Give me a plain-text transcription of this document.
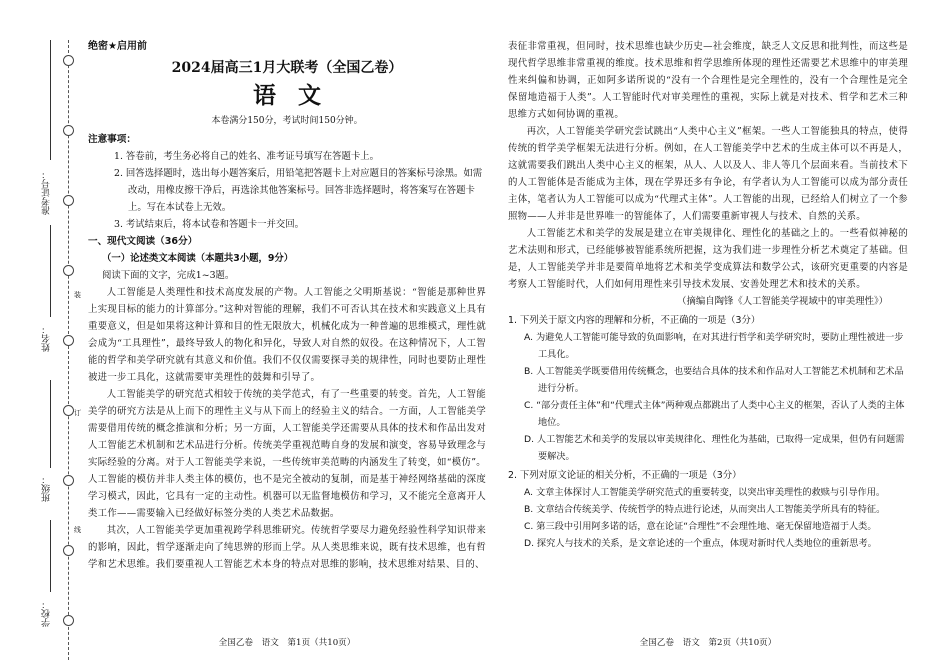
准考证号：
姓名：
班级：
学校：
装
订
线
绝密★启用前
2024届高三1月大联考（全国乙卷）
语文
本卷满分150分，考试时间150分钟。
注意事项：
1. 答卷前，考生务必将自己的姓名、准考证号填写在答题卡上。
2. 回答选择题时，选出每小题答案后，用铅笔把答题卡上对应题目的答案标号涂黑。如需改动，用橡皮擦干净后，再选涂其他答案标号。回答非选择题时，将答案写在答题卡上。写在本试卷上无效。
3. 考试结束后，将本试卷和答题卡一并交回。
一、现代文阅读（36分）
（一）论述类文本阅读（本题共3小题，9分）
阅读下面的文字，完成1~3题。
人工智能是人类理性和技术高度发展的产物。人工智能之父明斯基说：“智能是那种世界上实现目标的能力的计算部分。”这种对智能的理解，我们不可否认其在技术和实践意义上具有重要意义，但是如果将这种计算和目的性无限放大，机械化成为一种普遍的思维模式，理性就会成为“工具理性”，最终导致人的物化和异化，导致人对自然的奴役。在这种情况下，人工智能的哲学和美学研究就有其意义和价值。我们不仅仅需要探寻美的规律性，同时也要防止理性被进一步工具化，这就需要审美理性的鼓舞和引导了。
人工智能美学的研究范式相较于传统的美学范式，有了一些重要的转变。首先，人工智能美学的研究方法是从上而下的理性主义与从下而上的经验主义的结合。一方面，人工智能美学需要借用传统的概念推演和分析；另一方面，人工智能美学还需要从具体的技术和作品出发对人工智能艺术机制和艺术品进行分析。传统美学重视范畴自身的发展和演变，容易导致理念与实际经验的分离。对于人工智能美学来说，一些传统审美范畴的内涵发生了转变，如“模仿”。人工智能的模仿并非人类主体的模仿，也不是完全被动的复制，而是基于神经网络基础的深度学习模式，因此，它具有一定的主动性。机器可以无监督地模仿和学习，又不能完全意离开人类工作——需要输入已经做好标签分类的人类艺术品数据。
其次，人工智能美学更加重视跨学科思维研究。传统哲学要尽力避免经验性科学知识带来的影响，因此，哲学逐渐走向了纯思辨的形而上学。从人类思维来说，既有技术思维，也有哲学和艺术思维。我们要重视人工智能艺术本身的特点对思维的影响，技术思维对结果、目的、
表征非常重视，但同时，技术思维也缺少历史—社会维度，缺乏人文反思和批判性，而这些是现代哲学思维非常重视的维度。技术思维和哲学思维所体现的理性还需要艺术思维中的审美理性来纠偏和协调，正如阿多诺所说的“没有一个合理性是完全理性的，没有一个合理性是完全保留地造福于人类”。人工智能时代对审美理性的重视，实际上就是对技术、哲学和艺术三种思维方式如何协调的重视。
再次，人工智能美学研究尝试跳出“人类中心主义”框架。一些人工智能独具的特点，使得传统的哲学美学框架无法进行分析。例如，在人工智能美学中艺术的生成主体可以不再是人，这就需要我们跳出人类中心主义的框架，从人、人以及人、非人等几个层面来看。当前技术下的人工智能体是否能成为主体，现在学界还多有争论，有学者认为人工智能可以成为部分责任主体，笔者认为人工智能可以成为“代理式主体”。人工智能的出现，已经给人们树立了一个参照物——人并非是世界唯一的智能体了，人们需要重新审视人与技术、自然的关系。
人工智能艺术和美学的发展是建立在审美规律化、理性化的基础之上的。一些看似神秘的艺术法则和形式，已经能够被智能系统所把握，这为我们进一步理性分析艺术奠定了基础。但是，人工智能美学并非是要简单地将艺术和美学变成算法和数学公式，该研究更重要的内容是考察人工智能时代，人们如何用理性来引导技术发展、安善处理艺术和技术的关系。
（摘编自陶锋《人工智能美学视域中的审美理性》）
1. 下列关于原文内容的理解和分析，不正确的一项是（3分）
A. 为避免人工智能可能导致的负面影响，在对其进行哲学和美学研究时，要防止理性被进一步工具化。
B. 人工智能美学既要借用传统概念，也要结合具体的技术和作品对人工智能艺术机制和艺术品进行分析。
C. “部分责任主体”和“代理式主体”两种观点都跳出了人类中心主义的框架，否认了人类的主体地位。
D. 人工智能艺术和美学的发展以审美规律化、理性化为基础，已取得一定成果，但仍有问题需要解决。
2. 下列对原文论证的相关分析，不正确的一项是（3分）
A. 文章主体探讨人工智能美学研究范式的重要转变，以突出审美理性的救赎与引导作用。
B. 文章结合传统美学、传统哲学的特点进行论述，从而突出人工智能美学所具有的特征。
C. 第三段中引用阿多诺的话，意在论证“合理性”不会理性地、毫无保留地造福于人类。
D. 探究人与技术的关系，是文章论述的一个重点，体现对新时代人类地位的重新思考。
全国乙卷　语文　第1页（共10页）	全国乙卷　语文　第2页（共10页）
